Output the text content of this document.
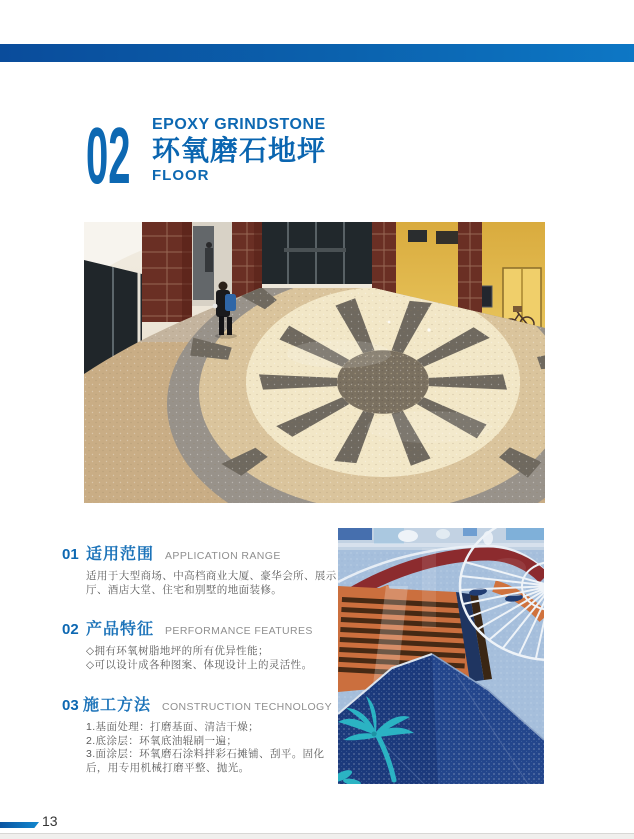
02 EPOXY GRINDSTONE
环氧磨石地坪
FLOOR
01 适用范围 APPLICATION RANGE

适用于大型商场、中高档商业大厦、豪华会所、展示厅、酒店大堂、住宅和别墅的地面装修。

02 产品特征 PERFORMANCE FEATURES

◇拥有环氧树脂地坪的所有优异性能；

◇可以设计成各种图案、体现设计上的灵活性。

03 施工方法 CONSTRUCTION TECHNOLOGY

1.基面处理：打磨基面、清洁干燥；

2.底涂层：环氧底油辊刷一遍；

3.面涂层：环氧磨石涂料拌彩石摊铺、刮平。固化后，用专用机械打磨平整、抛光。

13
